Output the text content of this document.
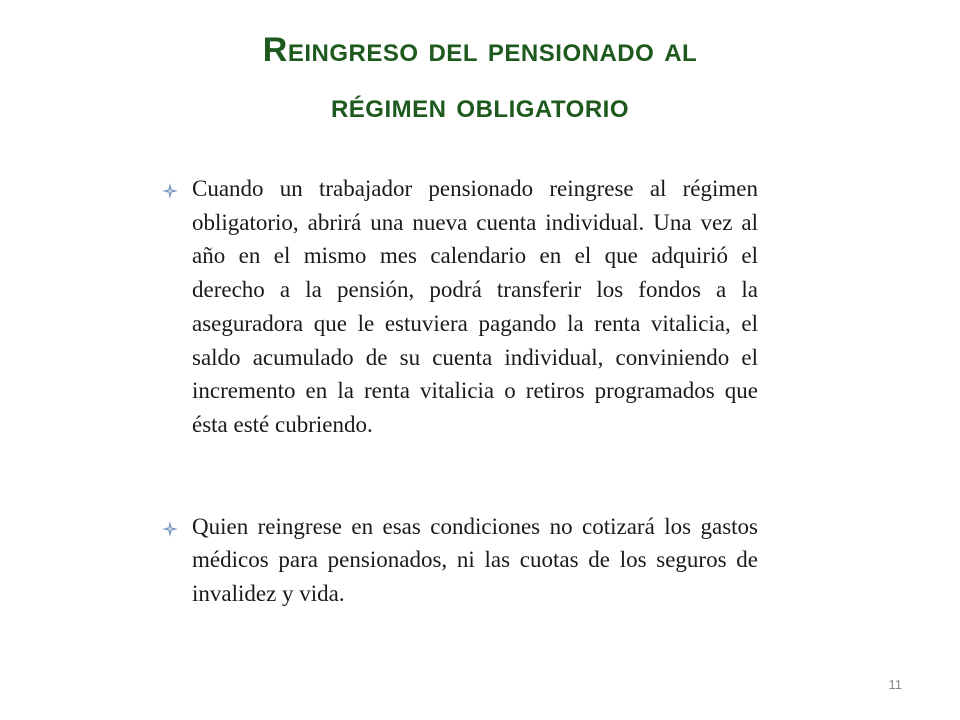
Reingreso del pensionado al
régimen obligatorio
Cuando un trabajador pensionado reingrese al régimen obligatorio, abrirá una nueva cuenta individual. Una vez al año en el mismo mes calendario en el que adquirió el derecho a la pensión, podrá transferir los fondos a la aseguradora que le estuviera pagando la renta vitalicia, el saldo acumulado de su cuenta individual, conviniendo el incremento en la renta vitalicia o retiros programados que ésta esté cubriendo.
Quien reingrese en esas condiciones no cotizará los gastos médicos para pensionados, ni las cuotas de los seguros de invalidez y vida.
11
